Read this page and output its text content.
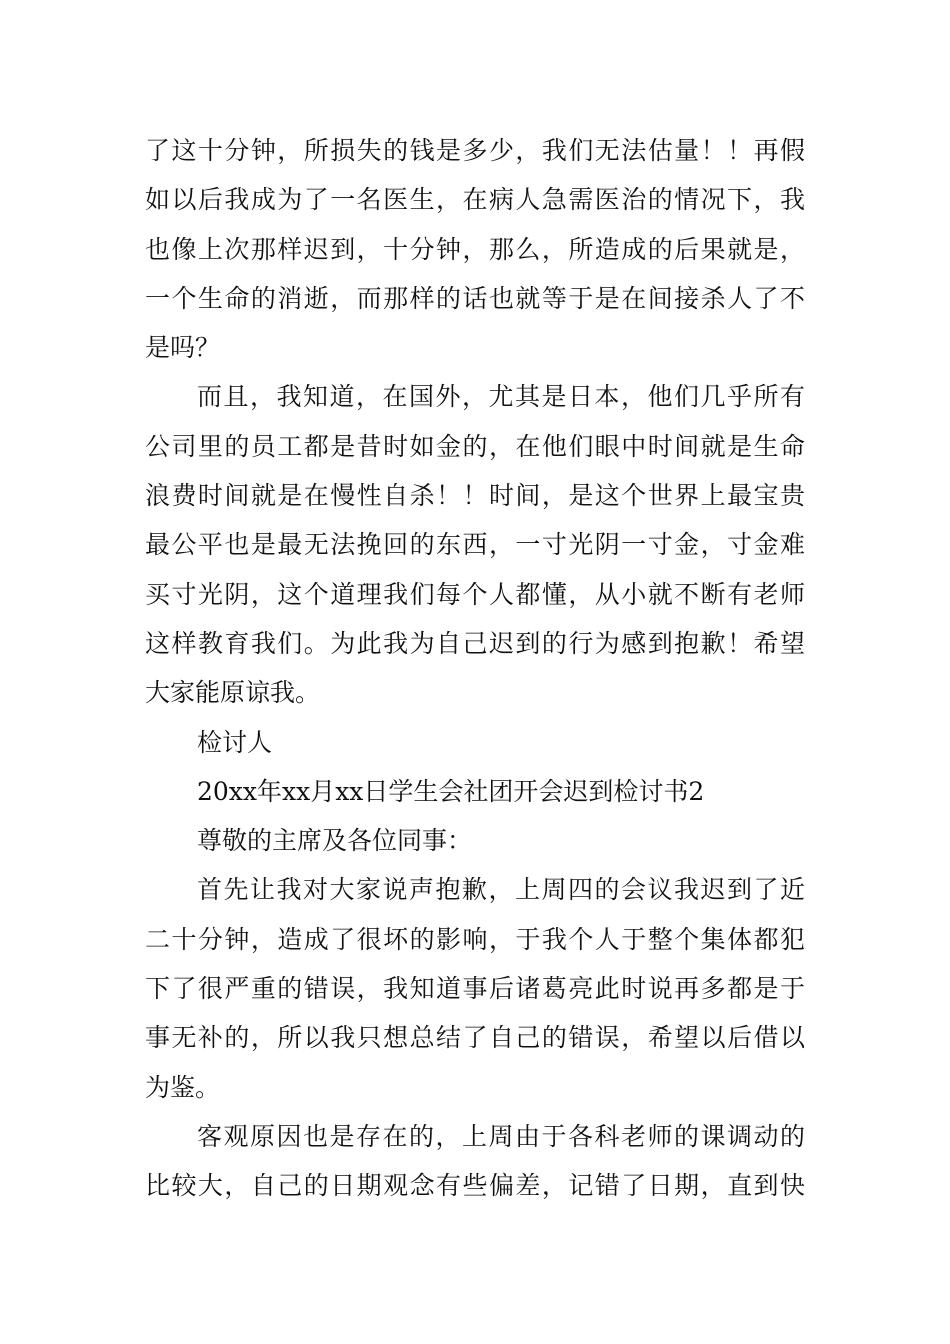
了这十分钟，所损失的钱是多少，我们无法估量！！再假
如以后我成为了一名医生，在病人急需医治的情况下，我
也像上次那样迟到，十分钟，那么，所造成的后果就是，
一个生命的消逝，而那样的话也就等于是在间接杀人了不
是吗？
而且，我知道，在国外，尤其是日本，他们几乎所有
公司里的员工都是昔时如金的，在他们眼中时间就是生命
浪费时间就是在慢性自杀！！时间，是这个世界上最宝贵
最公平也是最无法挽回的东西，一寸光阴一寸金，寸金难
买寸光阴，这个道理我们每个人都懂，从小就不断有老师
这样教育我们。为此我为自己迟到的行为感到抱歉！希望
大家能原谅我。
检讨人
20xx年xx月xx日学生会社团开会迟到检讨书2
尊敬的主席及各位同事：
首先让我对大家说声抱歉，上周四的会议我迟到了近
二十分钟，造成了很坏的影响，于我个人于整个集体都犯
下了很严重的错误，我知道事后诸葛亮此时说再多都是于
事无补的，所以我只想总结了自己的错误，希望以后借以
为鉴。
客观原因也是存在的，上周由于各科老师的课调动的
比较大，自己的日期观念有些偏差，记错了日期，直到快
